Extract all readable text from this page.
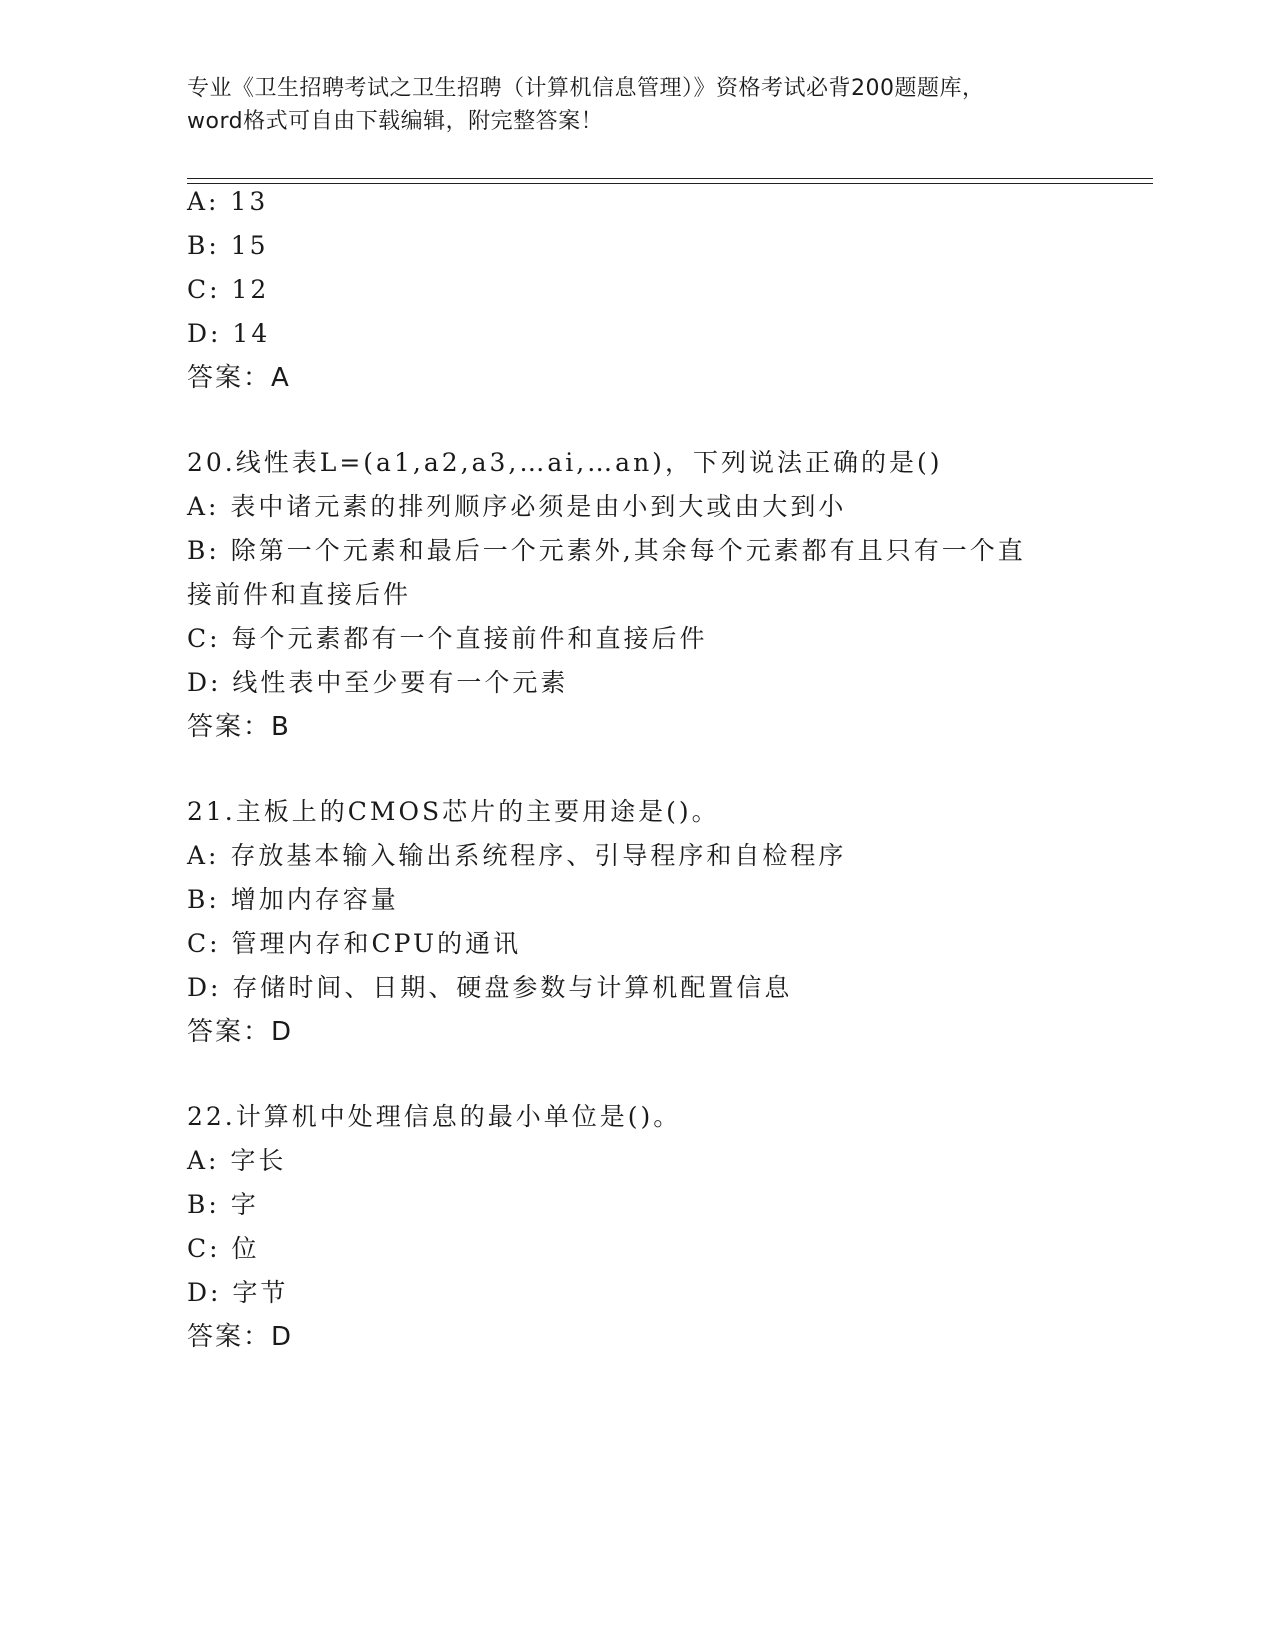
专业《卫生招聘考试之卫生招聘（计算机信息管理）》资格考试必背200题题库，
word格式可自由下载编辑，附完整答案！
A: 13
B: 15
C: 12
D: 14
答案：A
20.线性表L=(a1,a2,a3,…ai,…an)，下列说法正确的是()
A: 表中诸元素的排列顺序必须是由小到大或由大到小
B: 除第一个元素和最后一个元素外,其余每个元素都有且只有一个直
接前件和直接后件
C: 每个元素都有一个直接前件和直接后件
D: 线性表中至少要有一个元素
答案：B
21.主板上的CMOS芯片的主要用途是()。
A: 存放基本输入输出系统程序、引导程序和自检程序
B: 增加内存容量
C: 管理内存和CPU的通讯
D: 存储时间、日期、硬盘参数与计算机配置信息
答案：D
22.计算机中处理信息的最小单位是()。
A: 字长
B: 字
C: 位
D: 字节
答案：D
